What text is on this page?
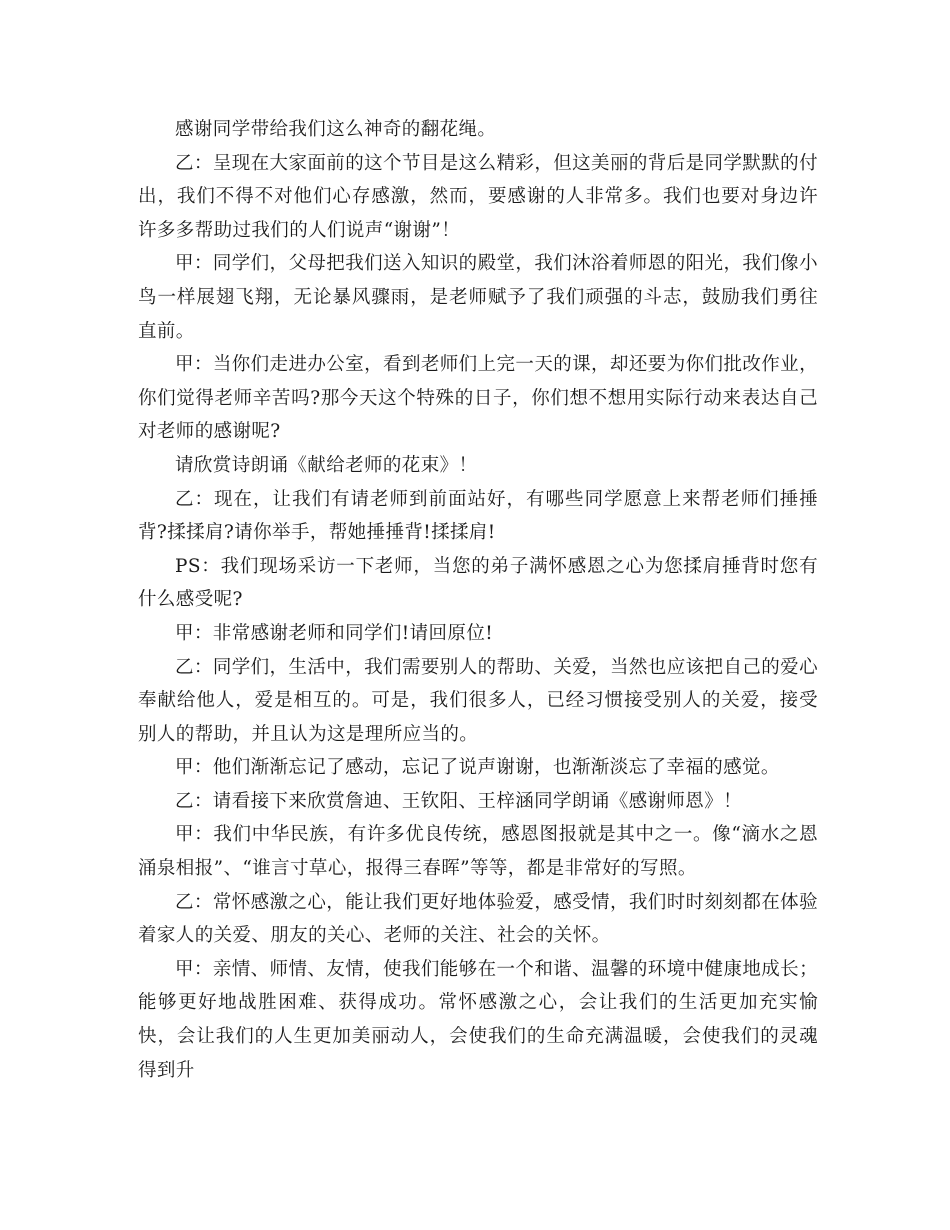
感谢同学带给我们这么神奇的翻花绳。

乙：呈现在大家面前的这个节目是这么精彩，但这美丽的背后是同学默默的付出，我们不得不对他们心存感激，然而，要感谢的人非常多。我们也要对身边许许多多帮助过我们的人们说声“谢谢”！

甲：同学们，父母把我们送入知识的殿堂，我们沐浴着师恩的阳光，我们像小鸟一样展翅飞翔，无论暴风骤雨，是老师赋予了我们顽强的斗志，鼓励我们勇往直前。

甲：当你们走进办公室，看到老师们上完一天的课，却还要为你们批改作业，你们觉得老师辛苦吗?那今天这个特殊的日子，你们想不想用实际行动来表达自己对老师的感谢呢?

请欣赏诗朗诵《献给老师的花束》！

乙：现在，让我们有请老师到前面站好，有哪些同学愿意上来帮老师们捶捶背?揉揉肩?请你举手，帮她捶捶背!揉揉肩!

PS：我们现场采访一下老师，当您的弟子满怀感恩之心为您揉肩捶背时您有什么感受呢?

甲：非常感谢老师和同学们!请回原位!

乙：同学们，生活中，我们需要别人的帮助、关爱，当然也应该把自己的爱心奉献给他人，爱是相互的。可是，我们很多人，已经习惯接受别人的关爱，接受别人的帮助，并且认为这是理所应当的。

甲：他们渐渐忘记了感动，忘记了说声谢谢，也渐渐淡忘了幸福的感觉。

乙：请看接下来欣赏詹迪、王钦阳、王梓涵同学朗诵《感谢师恩》！

甲：我们中华民族，有许多优良传统，感恩图报就是其中之一。像“滴水之恩涌泉相报”、“谁言寸草心，报得三春晖”等等，都是非常好的写照。

乙：常怀感激之心，能让我们更好地体验爱，感受情，我们时时刻刻都在体验着家人的关爱、朋友的关心、老师的关注、社会的关怀。

甲：亲情、师情、友情，使我们能够在一个和谐、温馨的环境中健康地成长；能够更好地战胜困难、获得成功。常怀感激之心，会让我们的生活更加充实愉快，会让我们的人生更加美丽动人，会使我们的生命充满温暖，会使我们的灵魂得到升
